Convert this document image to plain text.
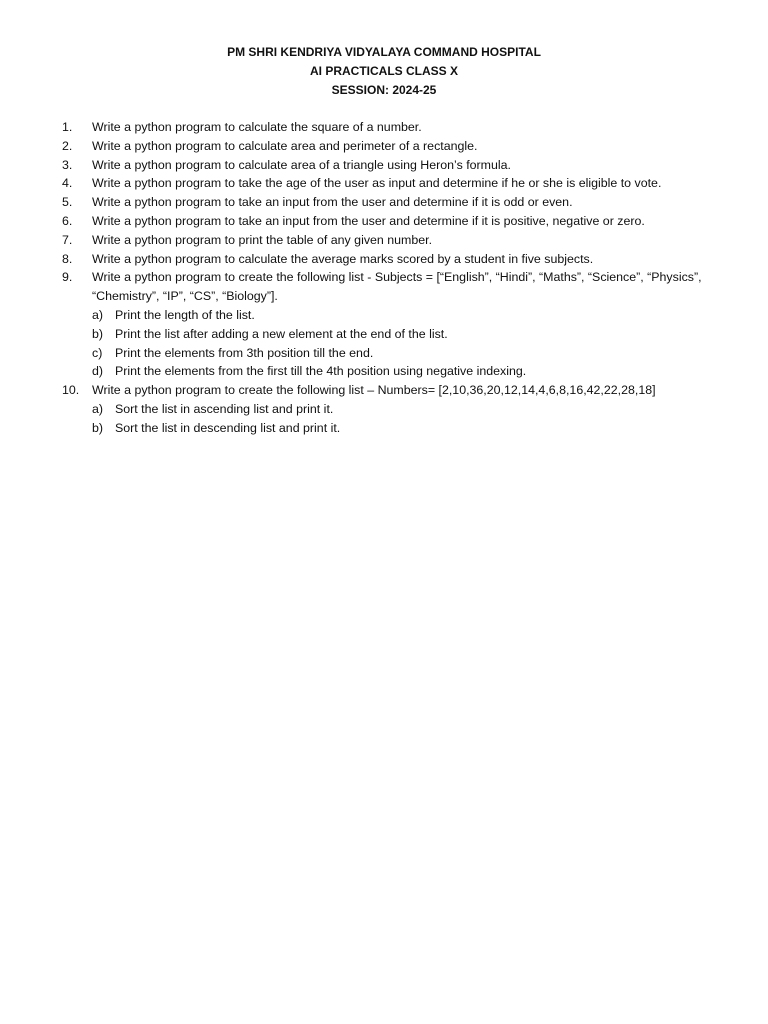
PM SHRI KENDRIYA VIDYALAYA COMMAND HOSPITAL
AI PRACTICALS CLASS X
SESSION: 2024-25
1.	Write a python program to calculate the square of a number.
2.	Write a python program to calculate area and perimeter of a rectangle.
3.	Write a python program to calculate area of a triangle using Heron’s formula.
4.	Write a python program to take the age of the user as input and determine if he or she is eligible to vote.
5.	Write a python program to take an input from the user and determine if it is odd or even.
6.	Write a python program to take an input from the user and determine if it is positive, negative or zero.
7.	Write a python program to print the table of any given number.
8.	Write a python program to calculate the average marks scored by a student in five subjects.
9.	Write a python program to create the following list - Subjects = [“English”, “Hindi”, “Maths”, “Science”, “Physics”, “Chemistry”, “IP”, “CS”, “Biology”].
a) Print the length of the list.
b) Print the list after adding a new element at the end of the list.
c) Print the elements from 3th position till the end.
d) Print the elements from the first till the 4th position using negative indexing.
10.	Write a python program to create the following list – Numbers= [2,10,36,20,12,14,4,6,8,16,42,22,28,18]
a) Sort the list in ascending list and print it.
b) Sort the list in descending list and print it.
